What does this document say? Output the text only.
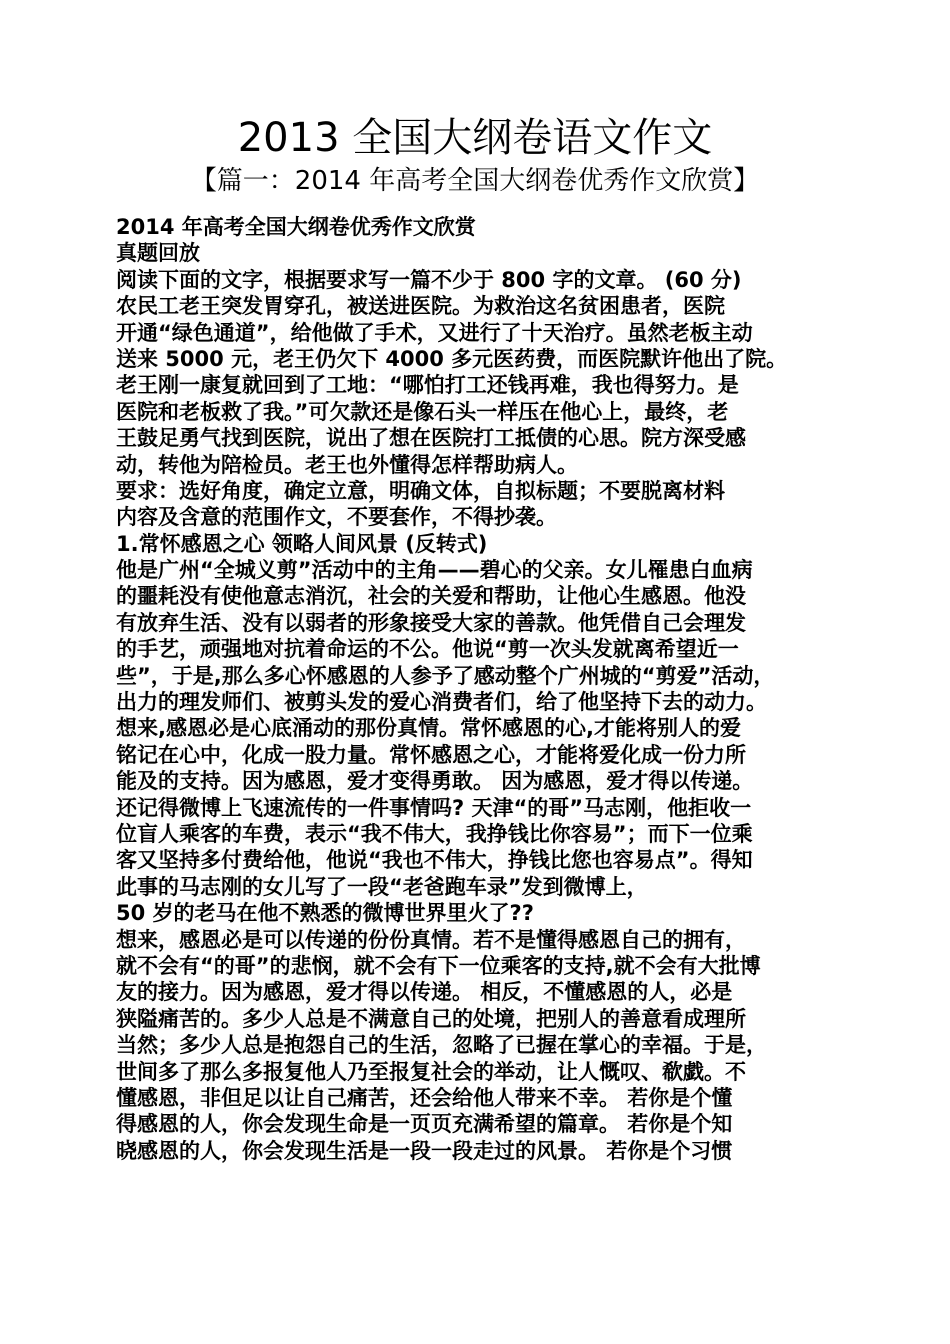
2013 全国大纲卷语文作文
【篇一：2014 年高考全国大纲卷优秀作文欣赏】
2014 年高考全国大纲卷优秀作文欣赏
真题回放
阅读下面的文字，根据要求写一篇不少于 800 字的文章。 (60 分)
农民工老王突发胃穿孔，被送进医院。为救治这名贫困患者，医院
开通“绿色通道”，给他做了手术，又进行了十天治疗。虽然老板主动
送来 5000 元，老王仍欠下 4000 多元医药费，而医院默许他出了院。
老王刚一康复就回到了工地：“哪怕打工还钱再难，我也得努力。是
医院和老板救了我。”可欠款还是像石头一样压在他心上，最终，老
王鼓足勇气找到医院，说出了想在医院打工抵债的心思。院方深受感
动，转他为陪检员。老王也外懂得怎样帮助病人。
要求：选好角度，确定立意，明确文体，自拟标题；不要脱离材料
内容及含意的范围作文，不要套作，不得抄袭。
1.常怀感恩之心 领略人间风景 (反转式)
他是广州“全城义剪”活动中的主角——碧心的父亲。女儿罹患白血病
的噩耗没有使他意志消沉，社会的关爱和帮助，让他心生感恩。他没
有放弃生活、没有以弱者的形象接受大家的善款。他凭借自己会理发
的手艺，顽强地对抗着命运的不公。他说“剪一次头发就离希望近一
些”，于是,那么多心怀感恩的人参予了感动整个广州城的“剪爱”活动，
出力的理发师们、被剪头发的爱心消费者们，给了他坚持下去的动力。
想来,感恩必是心底涌动的那份真情。常怀感恩的心,才能将别人的爱
铭记在心中，化成一股力量。常怀感恩之心，才能将爱化成一份力所
能及的支持。因为感恩，爱才变得勇敢。 因为感恩，爱才得以传递。
还记得微博上飞速流传的一件事情吗? 天津“的哥”马志刚，他拒收一
位盲人乘客的车费，表示“我不伟大，我挣钱比你容易”；而下一位乘
客又坚持多付费给他，他说“我也不伟大，挣钱比您也容易点”。得知
此事的马志刚的女儿写了一段“老爸跑车录”发到微博上，
50 岁的老马在他不熟悉的微博世界里火了??
想来，感恩必是可以传递的份份真情。若不是懂得感恩自己的拥有，
就不会有“的哥”的悲悯，就不会有下一位乘客的支持,就不会有大批博
友的接力。因为感恩，爱才得以传递。 相反，不懂感恩的人，必是
狭隘痛苦的。多少人总是不满意自己的处境，把别人的善意看成理所
当然；多少人总是抱怨自己的生活，忽略了已握在掌心的幸福。于是，
世间多了那么多报复他人乃至报复社会的举动，让人慨叹、欷戯。不
懂感恩，非但足以让自己痛苦，还会给他人带来不幸。 若你是个懂
得感恩的人，你会发现生命是一页页充满希望的篇章。 若你是个知
晓感恩的人，你会发现生活是一段一段走过的风景。 若你是个习惯
